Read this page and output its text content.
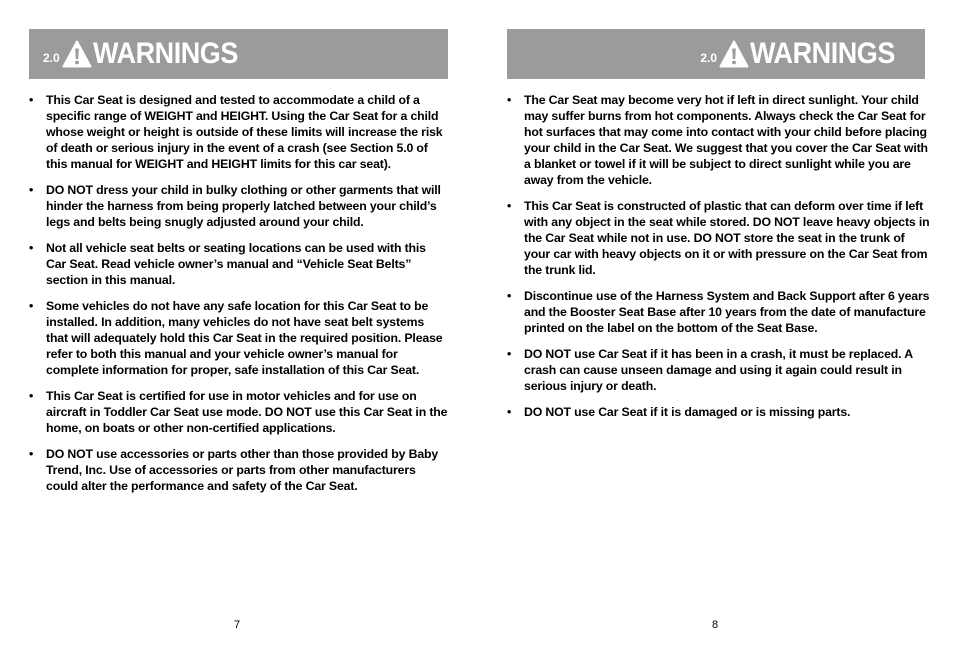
2.0 WARNINGS
• This Car Seat is designed and tested to accommodate a child of a specific range of WEIGHT and HEIGHT. Using the Car Seat for a child whose weight or height is outside of these limits will increase the risk of death or serious injury in the event of a crash (see Section 5.0 of this manual for WEIGHT and HEIGHT limits for this car seat).
• DO NOT dress your child in bulky clothing or other garments that will hinder the harness from being properly latched between your child’s legs and belts being snugly adjusted around your child.
• Not all vehicle seat belts or seating locations can be used with this Car Seat. Read vehicle owner’s manual and “Vehicle Seat Belts” section in this manual.
• Some vehicles do not have any safe location for this Car Seat to be installed. In addition, many vehicles do not have seat belt systems that will adequately hold this Car Seat in the required position. Please refer to both this manual and your vehicle owner’s manual for complete information for proper, safe installation of this Car Seat.
• This Car Seat is certified for use in motor vehicles and for use on aircraft in Toddler Car Seat use mode. DO NOT use this Car Seat in the home, on boats or other non-certified applications.
• DO NOT use accessories or parts other than those provided by Baby Trend, Inc. Use of accessories or parts from other manufacturers could alter the performance and safety of the Car Seat.
7
2.0 WARNINGS
• The Car Seat may become very hot if left in direct sunlight. Your child may suffer burns from hot components. Always check the Car Seat for hot surfaces that may come into contact with your child before placing your child in the Car Seat. We suggest that you cover the Car Seat with a blanket or towel if it will be subject to direct sunlight while you are away from the vehicle.
• This Car Seat is constructed of plastic that can deform over time if left with any object in the seat while stored. DO NOT leave heavy objects in the Car Seat while not in use. DO NOT store the seat in the trunk of your car with heavy objects on it or with pressure on the Car Seat from the trunk lid.
• Discontinue use of the Harness System and Back Support after 6 years and the Booster Seat Base after 10 years from the date of manufacture printed on the label on the bottom of the Seat Base.
• DO NOT use Car Seat if it has been in a crash, it must be replaced. A crash can cause unseen damage and using it again could result in serious injury or death.
• DO NOT use Car Seat if it is damaged or is missing parts.
8
